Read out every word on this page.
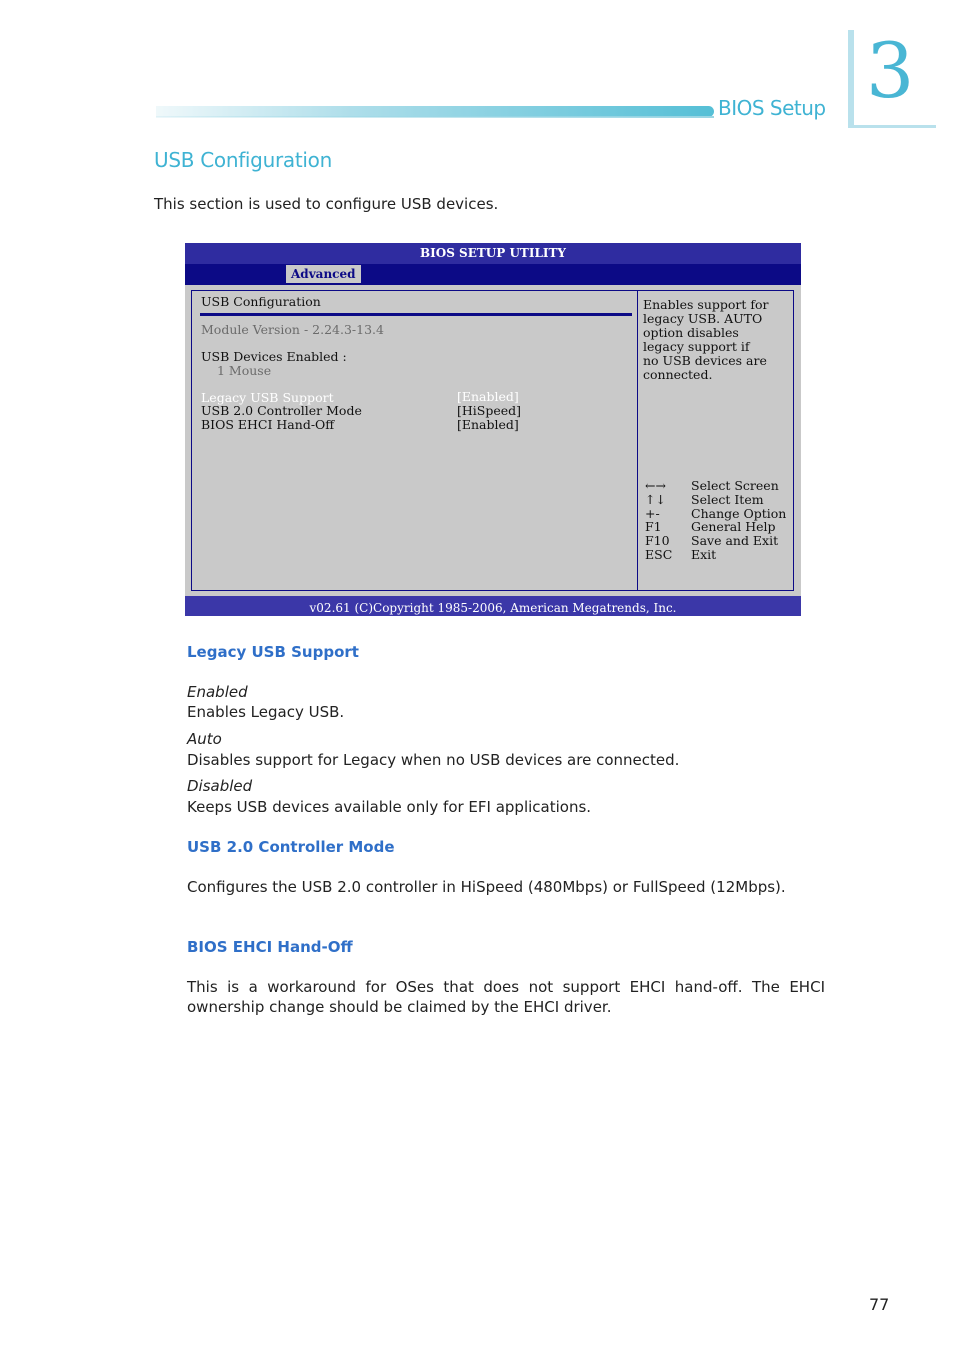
BIOS Setup 3
USB Configuration
This section is used to configure USB devices.
BIOS SETUP UTILITY
Advanced
USB Configuration
Module Version - 2.24.3-13.4
USB Devices Enabled :
1 Mouse
Legacy USB Support	[Enabled]
USB 2.0 Controller Mode	[HiSpeed]
BIOS EHCI Hand-Off	[Enabled]
Enables support for
legacy USB. AUTO
option disables
legacy support if
no USB devices are
connected.
←→	Select Screen
↑↓	Select Item
+-	Change Option
F1	General Help
F10	Save and Exit
ESC	Exit
v02.61 (C)Copyright 1985-2006, American Megatrends, Inc.
Legacy USB Support
Enabled
Enables Legacy USB.
Auto
Disables support for Legacy when no USB devices are connected.
Disabled
Keeps USB devices available only for EFI applications.
USB 2.0 Controller Mode
Configures the USB 2.0 controller in HiSpeed (480Mbps) or FullSpeed (12Mbps).
BIOS EHCI Hand-Off
This is a workaround for OSes that does not support EHCI hand-off. The EHCI ownership change should be claimed by the EHCI driver.
77
